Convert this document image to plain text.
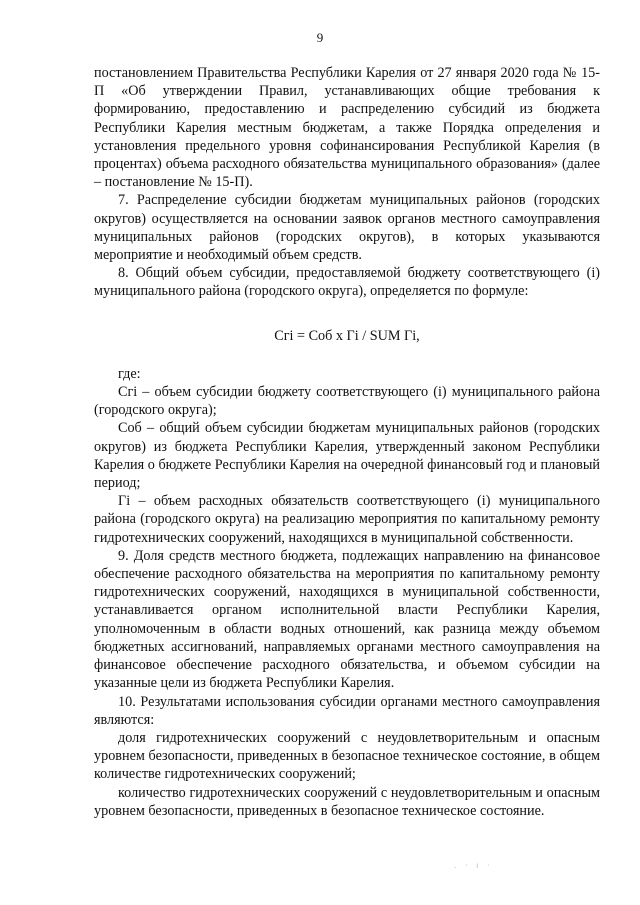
9

постановлением Правительства Республики Карелия от 27 января 2020 года № 15-П «Об утверждении Правил, устанавливающих общие требования к формированию, предоставлению и распределению субсидий из бюджета Республики Карелия местным бюджетам, а также Порядка определения и установления предельного уровня софинансирования Республикой Карелия (в процентах) объема расходного обязательства муниципального образования» (далее – постановление № 15-П).

7. Распределение субсидии бюджетам муниципальных районов (городских округов) осуществляется на основании заявок органов местного самоуправления муниципальных районов (городских округов), в которых указываются мероприятие и необходимый объем средств.

8. Общий объем субсидии, предоставляемой бюджету соответствующего (i) муниципального района (городского округа), определяется по формуле:

Cгi = Cоб x Гi / SUM Гi,

где:

Cгi – объем субсидии бюджету соответствующего (i) муниципального района (городского округа);

Cоб – общий объем субсидии бюджетам муниципальных районов (городских округов) из бюджета Республики Карелия, утвержденный законом Республики Карелия о бюджете Республики Карелия на очередной финансовый год и плановый период;

Гi – объем расходных обязательств соответствующего (i) муниципального района (городского округа) на реализацию мероприятия по капитальному ремонту гидротехнических сооружений, находящихся в муниципальной собственности.

9. Доля средств местного бюджета, подлежащих направлению на финансовое обеспечение расходного обязательства на мероприятия по капитальному ремонту гидротехнических сооружений, находящихся в муниципальной собственности, устанавливается органом исполнительной власти Республики Карелия, уполномоченным в области водных отношений, как разница между объемом бюджетных ассигнований, направляемых органами местного самоуправления на финансовое обеспечение расходного обязательства, и объемом субсидии на указанные цели из бюджета Республики Карелия.

10. Результатами использования субсидии органами местного самоуправления являются:

доля гидротехнических сооружений с неудовлетворительным и опасным уровнем безопасности, приведенных в безопасное техническое состояние, в общем количестве гидротехнических сооружений;

количество гидротехнических сооружений с неудовлетворительным и опасным уровнем безопасности, приведенных в безопасное техническое состояние.

. · ı ·
